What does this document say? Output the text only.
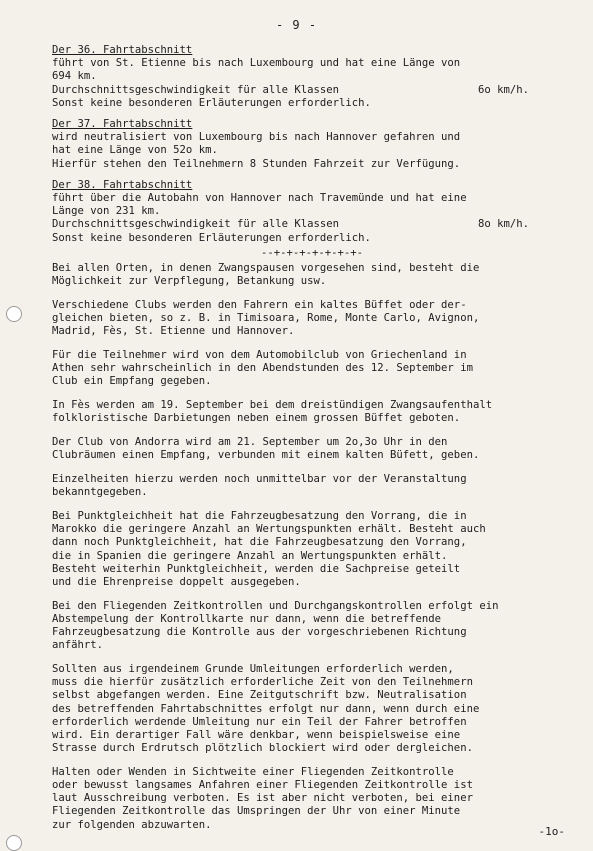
- 9 -
Der 36. Fahrtabschnitt
führt von St. Etienne bis nach Luxembourg und hat eine Länge von
694 km.
Durchschnittsgeschwindigkeit für alle Klassen	6o km/h.
Sonst keine besonderen Erläuterungen erforderlich.
Der 37. Fahrtabschnitt
wird neutralisiert von Luxembourg bis nach Hannover gefahren und
hat eine Länge von 52o km.
Hierfür stehen den Teilnehmern 8 Stunden Fahrzeit zur Verfügung.
Der 38. Fahrtabschnitt
führt über die Autobahn von Hannover nach Travemünde und hat eine
Länge von 231 km.
Durchschnittsgeschwindigkeit für alle Klassen	8o km/h.
Sonst keine besonderen Erläuterungen erforderlich.
--+-+-+-+-+-+-+-
Bei allen Orten, in denen Zwangspausen vorgesehen sind, besteht die
Möglichkeit zur Verpflegung, Betankung usw.
Verschiedene Clubs werden den Fahrern ein kaltes Büffet oder der-
gleichen bieten, so z. B. in Timisoara, Rome, Monte Carlo, Avignon,
Madrid, Fès, St. Etienne und Hannover.
Für die Teilnehmer wird von dem Automobilclub von Griechenland in
Athen sehr wahrscheinlich in den Abendstunden des 12. September im
Club ein Empfang gegeben.
In Fès werden am 19. September bei dem dreistündigen Zwangsaufenthalt
folkloristische Darbietungen neben einem grossen Büffet geboten.
Der Club von Andorra wird am 21. September um 2o,3o Uhr in den
Clubräumen einen Empfang, verbunden mit einem kalten Büfett, geben.
Einzelheiten hierzu werden noch unmittelbar vor der Veranstaltung
bekanntgegeben.
Bei Punktgleichheit hat die Fahrzeugbesatzung den Vorrang, die in
Marokko die geringere Anzahl an Wertungspunkten erhält. Besteht auch
dann noch Punktgleichheit, hat die Fahrzeugbesatzung den Vorrang,
die in Spanien die geringere Anzahl an Wertungspunkten erhält.
Besteht weiterhin Punktgleichheit, werden die Sachpreise geteilt
und die Ehrenpreise doppelt ausgegeben.
Bei den Fliegenden Zeitkontrollen und Durchgangskontrollen erfolgt ein
Abstempelung der Kontrollkarte nur dann, wenn die betreffende
Fahrzeugbesatzung die Kontrolle aus der vorgeschriebenen Richtung
anfährt.
Sollten aus irgendeinem Grunde Umleitungen erforderlich werden,
muss die hierfür zusätzlich erforderliche Zeit von den Teilnehmern
selbst abgefangen werden. Eine Zeitgutschrift bzw. Neutralisation
des betreffenden Fahrtabschnittes erfolgt nur dann, wenn durch eine
erforderlich werdende Umleitung nur ein Teil der Fahrer betroffen
wird. Ein derartiger Fall wäre denkbar, wenn beispielsweise eine
Strasse durch Erdrutsch plötzlich blockiert wird oder dergleichen.
Halten oder Wenden in Sichtweite einer Fliegenden Zeitkontrolle
oder bewusst langsames Anfahren einer Fliegenden Zeitkontrolle ist
laut Ausschreibung verboten. Es ist aber nicht verboten, bei einer
Fliegenden Zeitkontrolle das Umspringen der Uhr von einer Minute
zur folgenden abzuwarten.
-1o-
